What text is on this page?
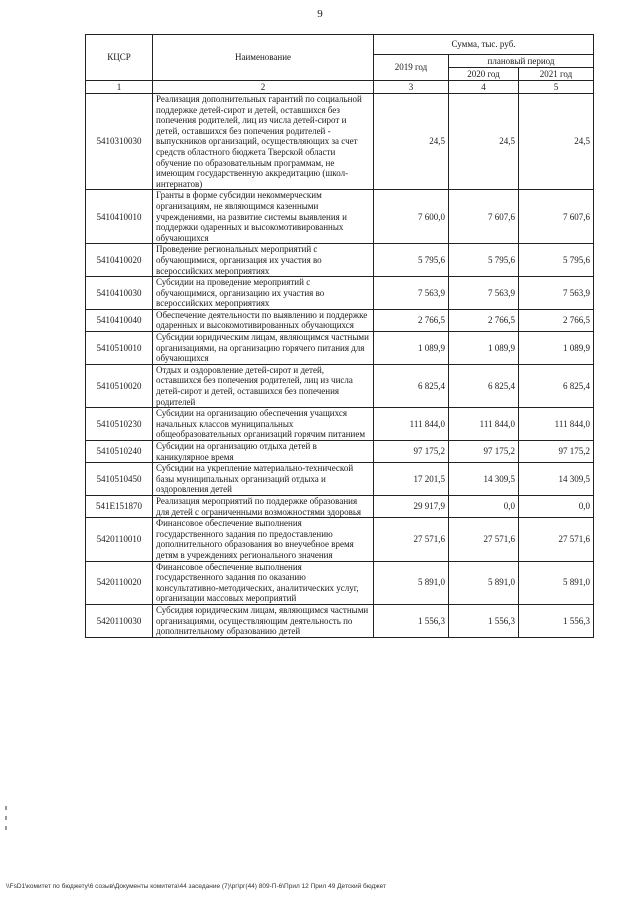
9
КЦСР	Наименование	Сумма, тыс. руб.		
		2019 год	плановый период	
			2020 год	2021 год
1	2	3	4	5
5410310030	Реализация дополнительных гарантий по социальной поддержке детей-сирот и детей, оставшихся без попечения родителей, лиц из числа детей-сирот и детей, оставшихся без попечения родителей - выпускников организаций, осуществляющих за счет средств областного бюджета Тверской области обучение по образовательным программам, не имеющим государственную аккредитацию (школ-интернатов)	24,5	24,5	24,5
5410410010	Гранты в форме субсидии некоммерческим организациям, не являющимся казенными учреждениями, на развитие системы выявления и поддержки одаренных и высокомотивированных обучающихся	7 600,0	7 607,6	7 607,6
5410410020	Проведение региональных мероприятий с обучающимися, организация их участия во всероссийских мероприятиях	5 795,6	5 795,6	5 795,6
5410410030	Субсидии на проведение мероприятий с обучающимися, организацию их участия во всероссийских мероприятиях	7 563,9	7 563,9	7 563,9
5410410040	Обеспечение деятельности по выявлению и поддержке одаренных и высокомотивированных обучающихся	2 766,5	2 766,5	2 766,5
5410510010	Субсидии юридическим лицам, являющимся частными организациями, на организацию горячего питания для обучающихся	1 089,9	1 089,9	1 089,9
5410510020	Отдых и оздоровление детей-сирот и детей, оставшихся без попечения родителей, лиц из числа детей-сирот и детей, оставшихся без попечения родителей	6 825,4	6 825,4	6 825,4
5410510230	Субсидии на организацию обеспечения учащихся начальных классов муниципальных общеобразовательных организаций горячим питанием	111 844,0	111 844,0	111 844,0
5410510240	Субсидии на организацию отдыха детей в каникулярное время	97 175,2	97 175,2	97 175,2
5410510450	Субсидии на укрепление материально-технической базы муниципальных организаций отдыха и оздоровления детей	17 201,5	14 309,5	14 309,5
541E151870	Реализация мероприятий по поддержке образования для детей с ограниченными возможностями здоровья	29 917,9	0,0	0,0
5420110010	Финансовое обеспечение выполнения государственного задания по предоставлению дополнительного образования во внеучебное время детям в учреждениях регионального значения	27 571,6	27 571,6	27 571,6
5420110020	Финансовое обеспечение выполнения государственного задания по оказанию консультативно-методических, аналитических услуг, организации массовых мероприятий	5 891,0	5 891,0	5 891,0
5420110030	Субсидия юридическим лицам, являющимся частными организациями, осуществляющим деятельность по дополнительному образованию детей	1 556,3	1 556,3	1 556,3
\\FsD1\комитет по бюджету\6 созыв\Документы комитета\44 заседание (7)\рг\рг(44) 809-П-6\Прил 12 Прил 49 Детский бюджет
